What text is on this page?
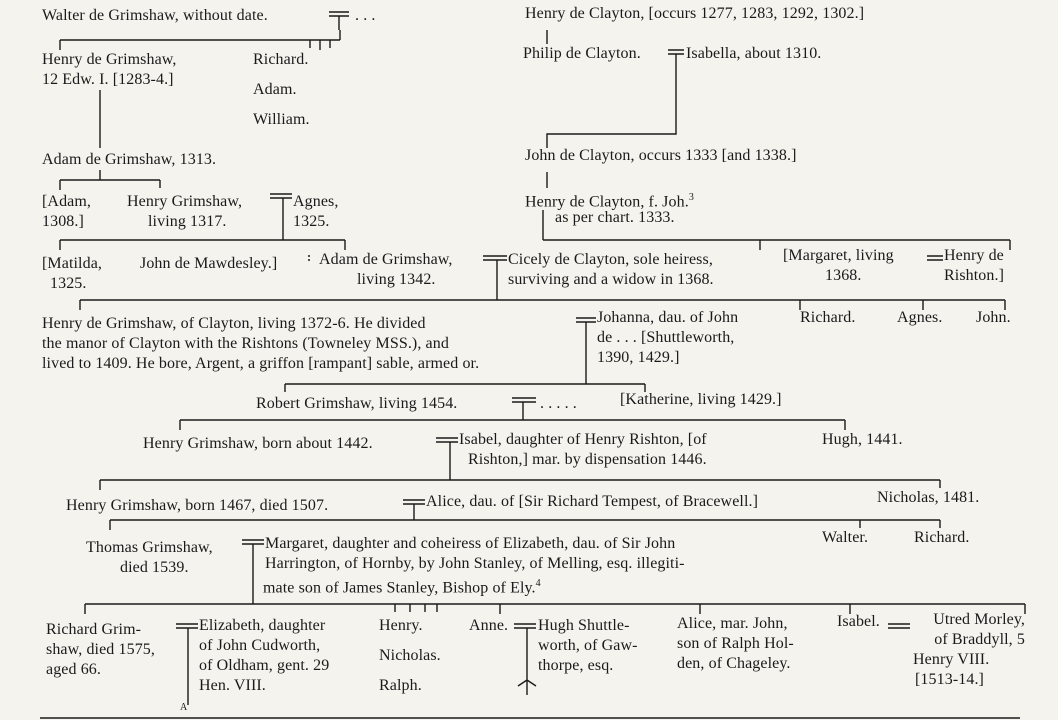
Walter de Grimshaw, without date.	. . .	Henry de Clayton, [occurs 1277, 1283, 1292, 1302.]
Henry de Grimshaw,
12 Edw. I. [1283-4.]
Richard.
Adam.
William.
Philip de Clayton.	Isabella, about 1310.
Adam de Grimshaw, 1313.	John de Clayton, occurs 1333 [and 1338.]
[Adam,
1308.]
Henry Grimshaw,
living 1317.
Agnes,
1325.
Henry de Clayton, f. Joh.$^3$
as per chart. 1333.
[Matilda,
1325.
John de Mawdesley.]	Adam de Grimshaw,
living 1342.
Cicely de Clayton, sole heiress,
surviving and a widow in 1368.
[Margaret, living
1368.
Henry de
Rishton.]
Henry de Grimshaw, of Clayton, living 1372-6. He divided
the manor of Clayton with the Rishtons (Towneley MSS.), and
lived to 1409. He bore, Argent, a griffon [rampant] sable, armed or.
Johanna, dau. of John
de . . . [Shuttleworth,
1390, 1429.]
Richard.	Agnes. John.
Robert Grimshaw, living 1454.	. . . . .	[Katherine, living 1429.]
Henry Grimshaw, born about 1442.	Isabel, daughter of Henry Rishton, [of
Rishton,] mar. by dispensation 1446.
Hugh, 1441.
Henry Grimshaw, born 1467, died 1507.	Alice, dau. of [Sir Richard Tempest, of Bracewell.]	Nicholas, 1481.
Thomas Grimshaw,
died 1539.
Margaret, daughter and coheiress of Elizabeth, dau. of Sir John
Harrington, of Hornby, by John Stanley, of Melling, esq. illegiti-
mate son of James Stanley, Bishop of Ely.$^4$
Walter.	Richard.
Richard Grim-
shaw, died 1575,
aged 66.
Elizabeth, daughter
of John Cudworth,
of Oldham, gent. 29
Hen. VIII.
Henry.
Nicholas.
Ralph.
Anne. Hugh Shuttle-
worth, of Gaw-
thorpe, esq.
Alice, mar. John,
son of Ralph Hol-
den, of Chageley.
Isabel.	Utred Morley,
of Braddyll, 5
Henry VIII.
[1513-14.]
A
